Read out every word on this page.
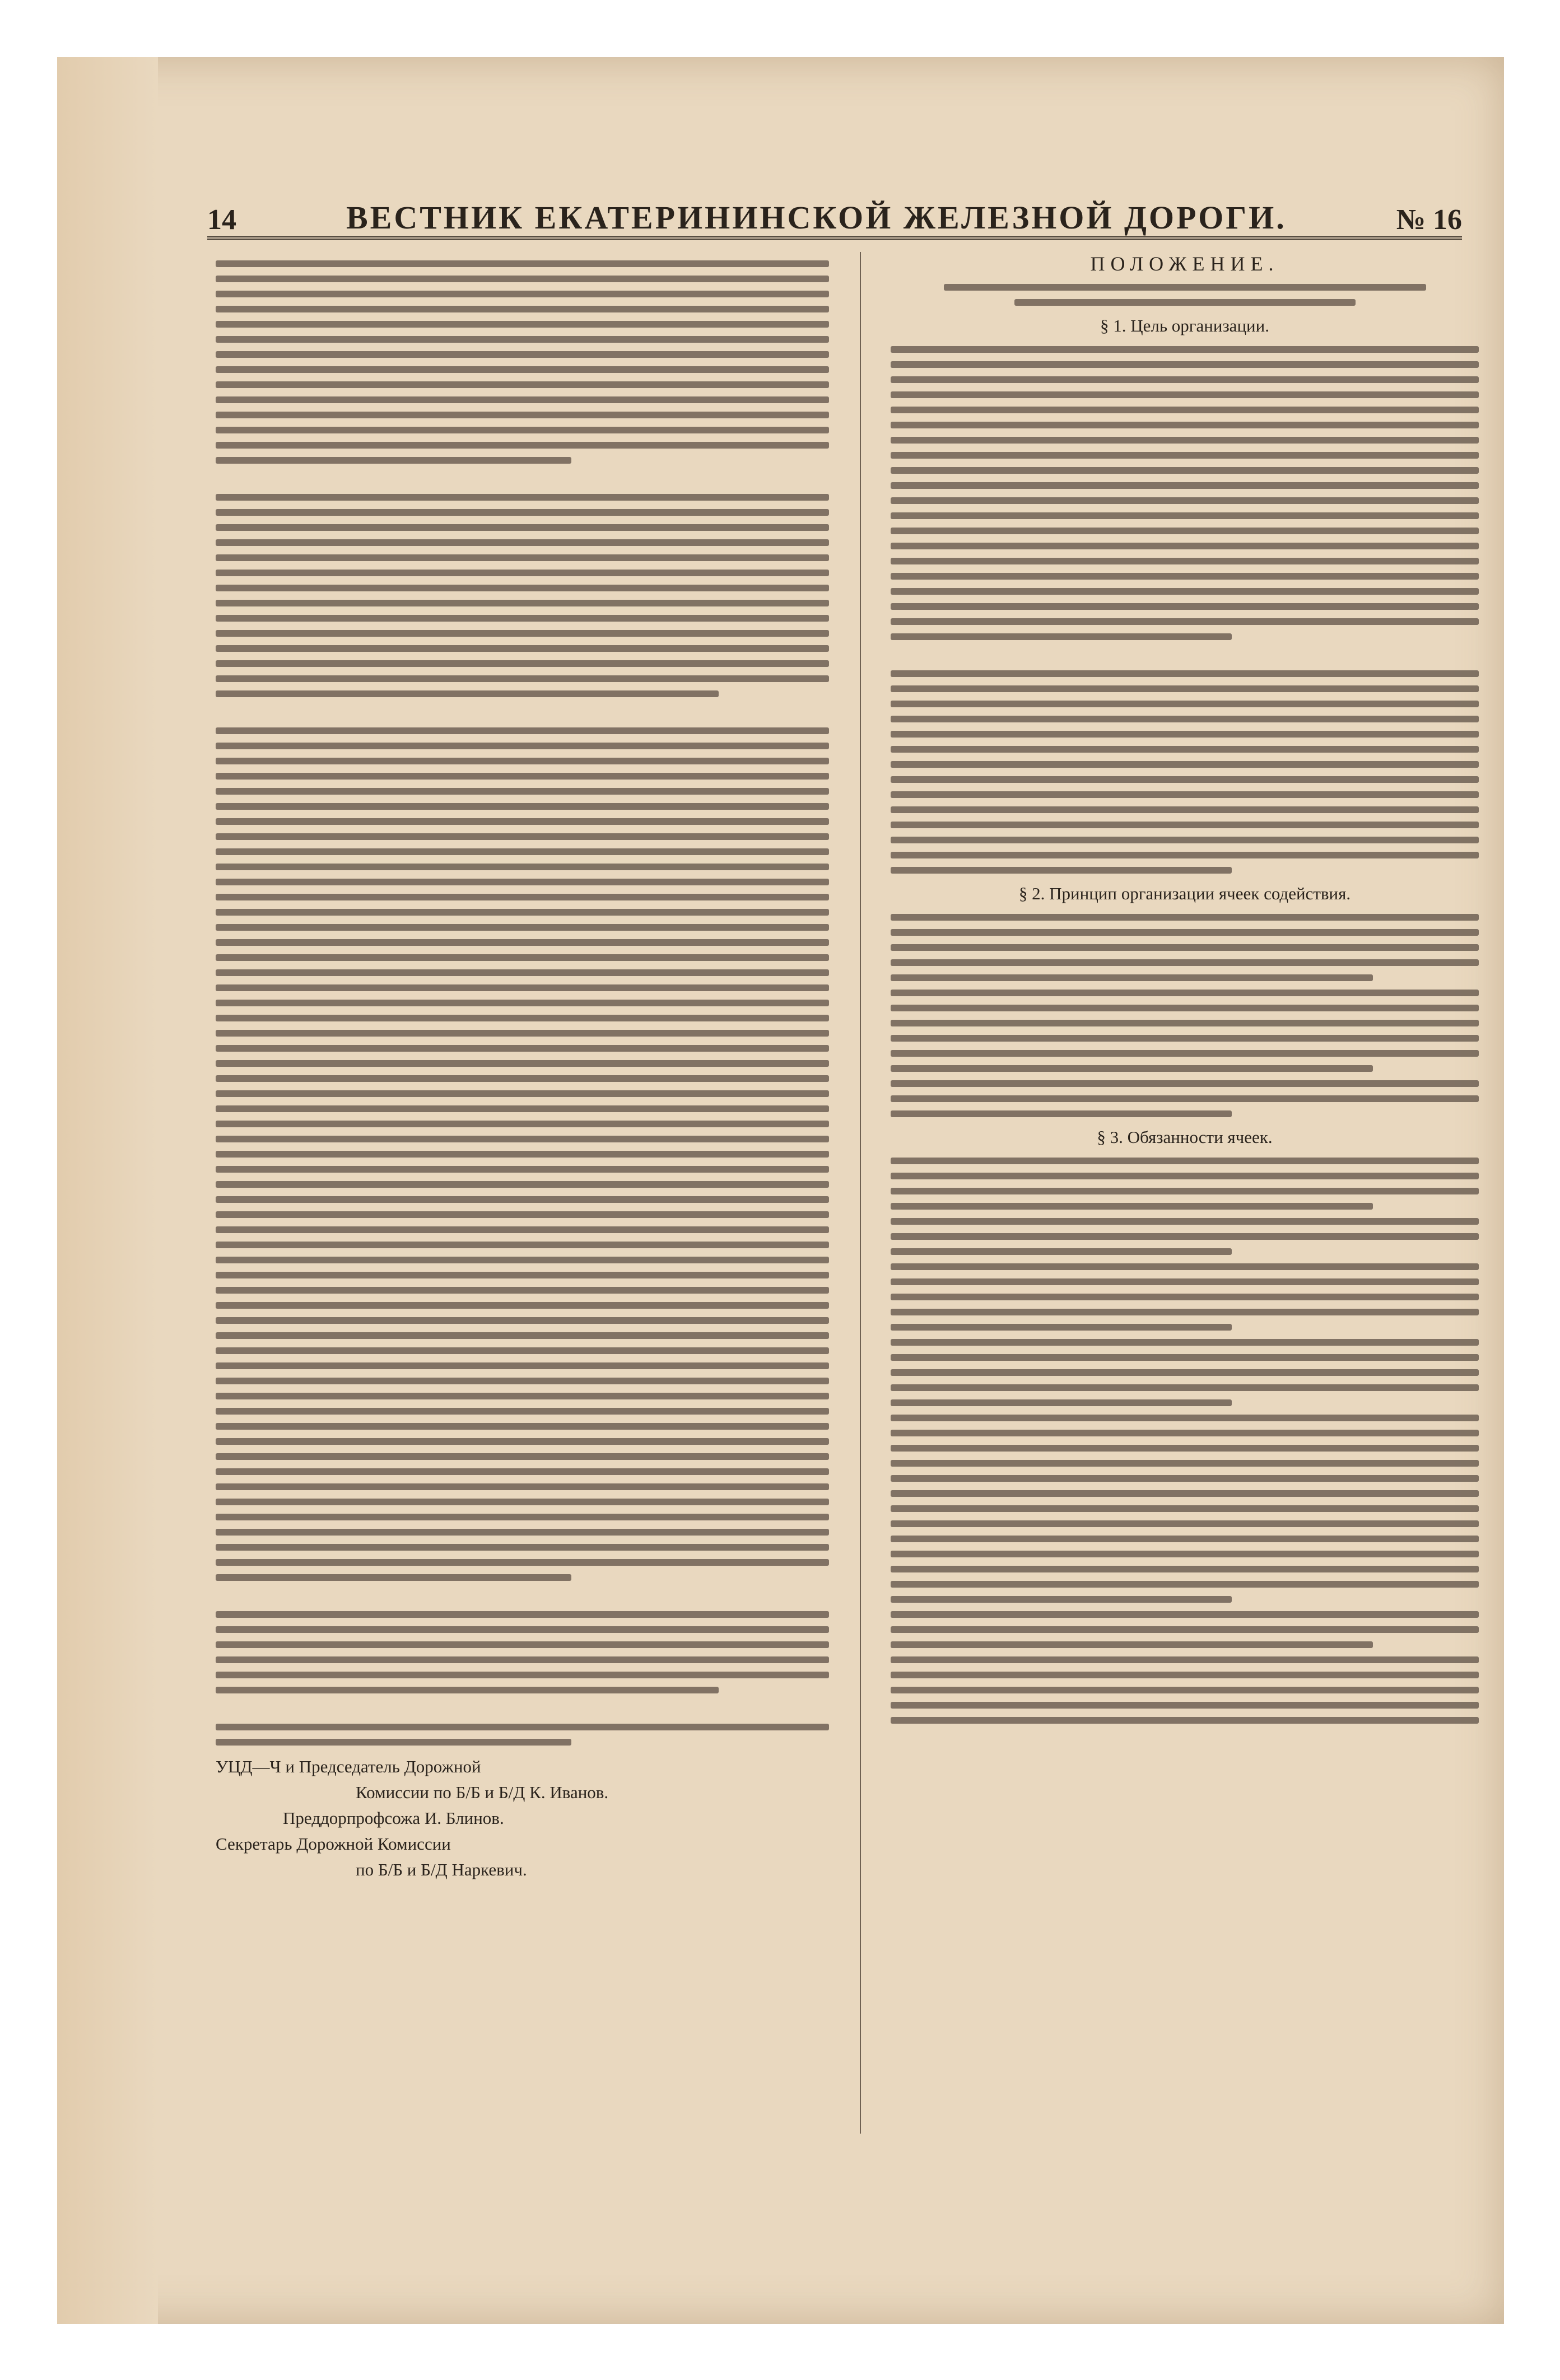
14	ВЕСТНИК ЕКАТЕРИНИНСКОЙ ЖЕЛЕЗНОЙ ДОРОГИ.	№ 16
УЦД—Ч и Председатель Дорожной
Комиссии по Б/Б и Б/Д К. Иванов.
Преддорпрофсожа И. Блинов.
Секретарь Дорожной Комиссии
по Б/Б и Б/Д Наркевич.
ПОЛОЖЕНИЕ.
§ 1. Цель организации.
§ 2. Принцип организации ячеек содействия.
§ 3. Обязанности ячеек.
